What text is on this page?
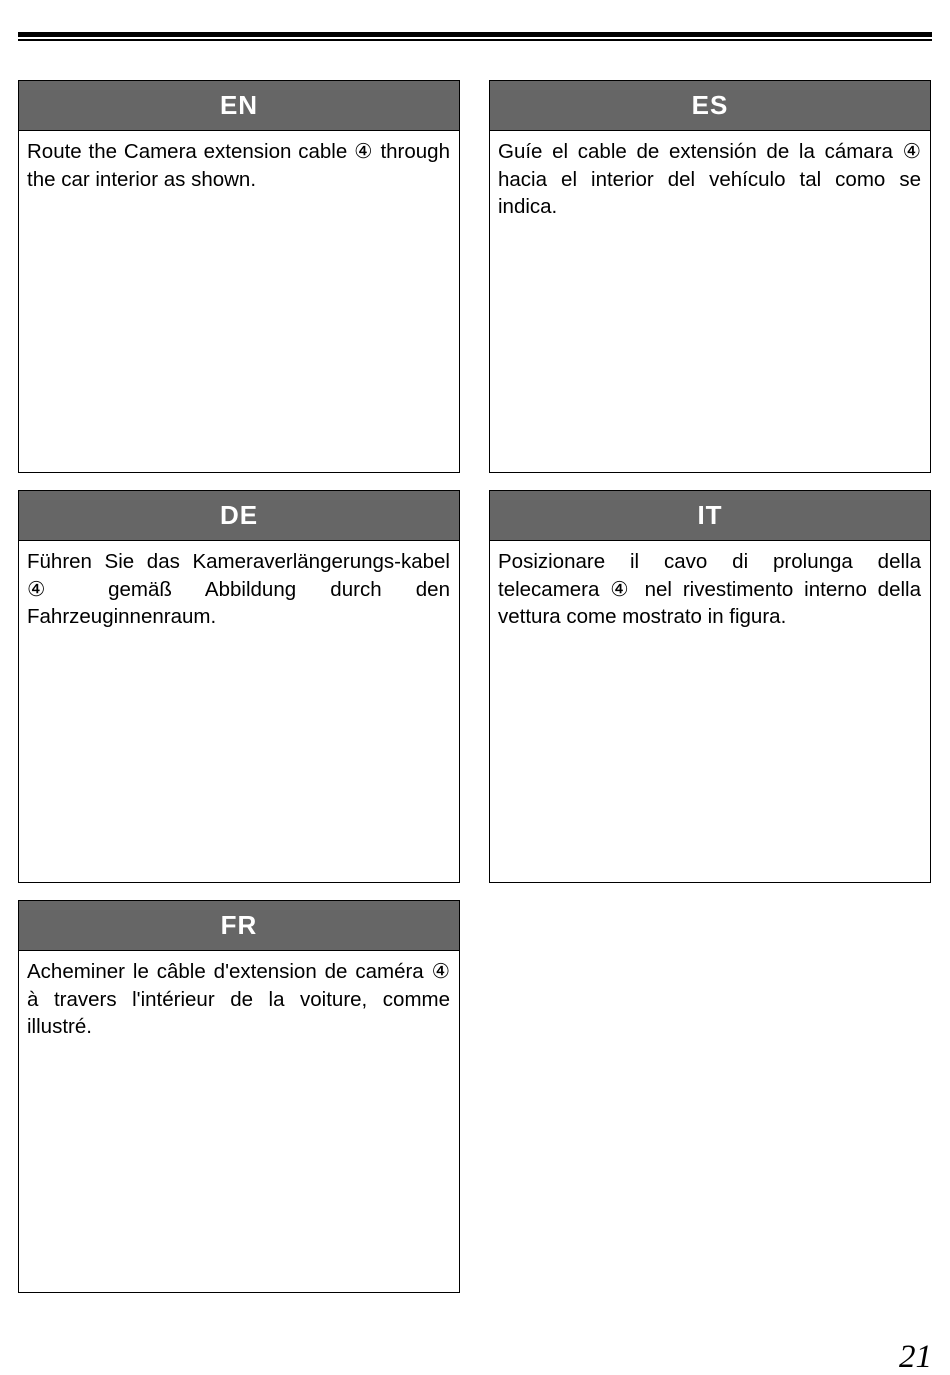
EN
Route the Camera extension cable ④ through the car interior as shown.
ES
Guíe el cable de extensión de la cámara ④ hacia el interior del vehículo tal como se indica.
DE
Führen Sie das Kameraverlängerungs-kabel ④ gemäß Abbildung durch den Fahrzeuginnenraum.
IT
Posizionare il cavo di prolunga della telecamera ④ nel rivestimento interno della vettura come mostrato in figura.
FR
Acheminer le câble d'extension de caméra ④ à travers l'intérieur de la voiture, comme illustré.
21
